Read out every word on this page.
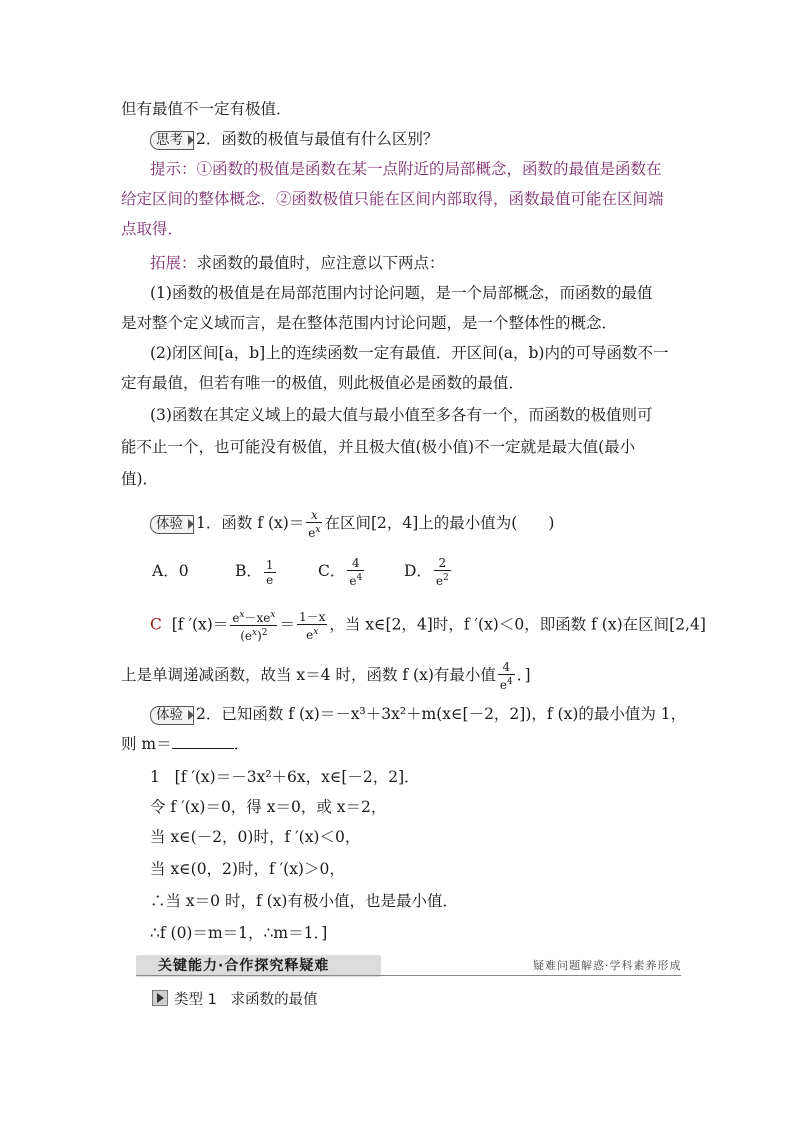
但有最值不一定有极值．
思考 2．函数的极值与最值有什么区别？
提示：①函数的极值是函数在某一点附近的局部概念，函数的最值是函数在
给定区间的整体概念．②函数极值只能在区间内部取得，函数最值可能在区间端
点取得．
拓展：求函数的最值时，应注意以下两点：
(1)函数的极值是在局部范围内讨论问题，是一个局部概念，而函数的最值
是对整个定义域而言，是在整体范围内讨论问题，是一个整体性的概念．
(2)闭区间[a，b]上的连续函数一定有最值．开区间(a，b)内的可导函数不一
定有最值，但若有唯一的极值，则此极值必是函数的最值．
(3)函数在其定义域上的最大值与最小值至多各有一个，而函数的极值则可
能不止一个，也可能没有极值，并且极大值(极小值)不一定就是最大值(最小
值)．
体验 1．函数 f $(x)= \frac{x}{e^x}$ 在区间[2，4]上的最小值为(　　)
A．0	B． $\frac{1}{e}$	C． $\frac{4}{e^4}$	D． $\frac{2}{e^2}$
C [f $'(x)= \frac{e^x-xe^x}{(e^x)^2} = \frac{1-x}{e^x}$ ，当 x∈[2，4]时，f ′(x)＜0，即函数 f (x)在区间[2,4]
上是单调递减函数，故当 x＝4 时，函数 f (x)有最小值 $\frac{4}{e^4}$ ．]
体验 2．已知函数 f (x)＝－x³＋3x²＋m(x∈[－2，2])，f (x)的最小值为 1，
则 m＝	．
1 [f ′(x)＝－3x²＋6x，x∈[－2，2]．
令 f ′(x)＝0，得 x＝0，或 x＝2，
当 x∈(－2，0)时，f ′(x)＜0，
当 x∈(0，2)时，f ′(x)＞0，
∴当 x＝0 时，f (x)有极小值，也是最小值．
∴f (0)＝m＝1，∴m＝1．]
关键能力·合作探究释疑难	疑难问题解惑·学科素养形成
类型 1 求函数的最值
